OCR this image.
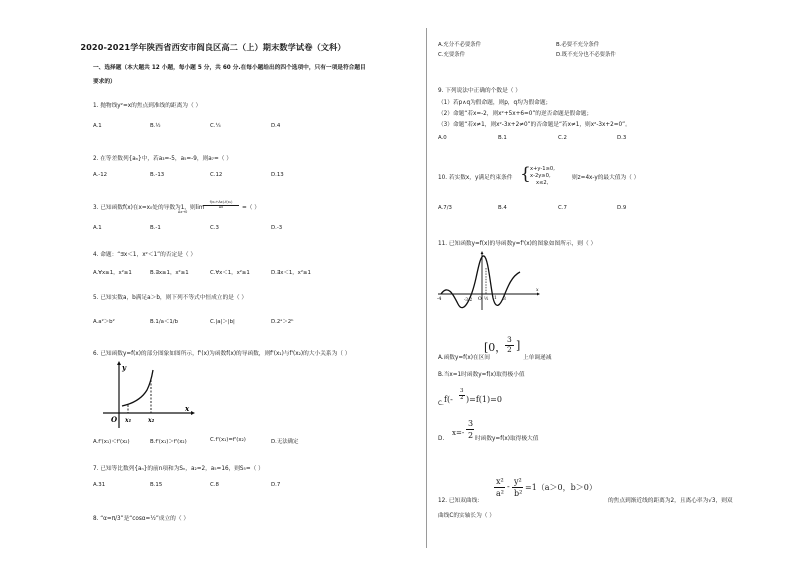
2020-2021学年陕西省西安市阎良区高二（上）期末数学试卷（文科）
一、选择题（本大题共 12 小题，每小题 5 分，共 60 分.在每小题给出的四个选项中，只有一项是符合题目
要求的）
1. 抛物线y²=x的焦点到准线的距离为（ ）
A.1	B.½	C.¼	D.4
2. 在等差数列{aₙ}中，若a₃=-5，a₅=-9，则a₇=（ ）
A.-12	B.-13	C.12	D.13
3. 已知函数f(x)在x=x₀处的导数为1，则lim
f(x₀+Δx)-f(x₀)
Δx
Δx→0
=（ ）
A.1	B.-1	C.3	D.-3
4. 命题：“∃x＜1，x²＜1”的否定是（ ）
A.∀x≥1，x²≥1	B.∃x≥1，x²≥1	C.∀x＜1，x²≥1	D.∃x＜1，x²≥1
5. 已知实数a，b满足a＞b，则下列不等式中恒成立的是（ ）
A.a²＞b²	B.1/a＜1/b	C.|a|＞|b|	D.2ᵃ＞2ᵇ
6. 已知函数y=f(x)的部分图象如图所示，f'(x)为函数f(x)的导函数，则f'(x₁)与f'(x₂)的大小关系为（ ）
y
x
O x₁	x₂
A.f'(x₁)＜f'(x₂)	B.f'(x₁)＞f'(x₂)	C.f'(x₁)=f'(x₂)	D.无法确定
7. 已知等比数列{aₙ}的前n项和为Sₙ，a₂=2，a₅=16，则S₅=（ ）
A.31	B.15	C.8	D.7
8. “α=π/3”是“cosα=½”成立的（ ）
A.充分不必要条件	B.必要不充分条件
C.充要条件	D.既不充分也不必要条件
9. 下列说法中正确的个数是（ ）
（1）若p∧q为假命题，则p，q均为假命题；
（2）命题“若x=-2，则x²+5x+6=0”的逆否命题是假命题；
（3）命题“若x≠1，则x²-3x+2≠0”的否命题是“若x≠1，则x²-3x+2=0”。
A.0	B.1	C.2	D.3
10. 若实数x，y满足约束条件 { x+y-1≥0,
x-2y≥0,
x≤2,
则z=4x-y的最大值为（ ）
A.7/3	B.4	C.7	D.9
11. 已知函数y=f(x)的导函数y=f'(x)的图象如图所示，则（ ）
-4	O ½ 1 3
-3/2
x
A.函数y=f(x)在区间
[0，
3
2 ]
上单调递减
B.当x=1时函数y=f(x)取得极小值
C. f(-
3
2 )=f(1)=0
D.
x=-
3
2 时函数y=f(x)取得极大值
12. 已知双曲线：
x²
a²
-
y²
b²
=1（a＞0，b＞0）
的焦点到渐近线的距离为2，且离心率为√3，则双
曲线C的实轴长为（ ）
